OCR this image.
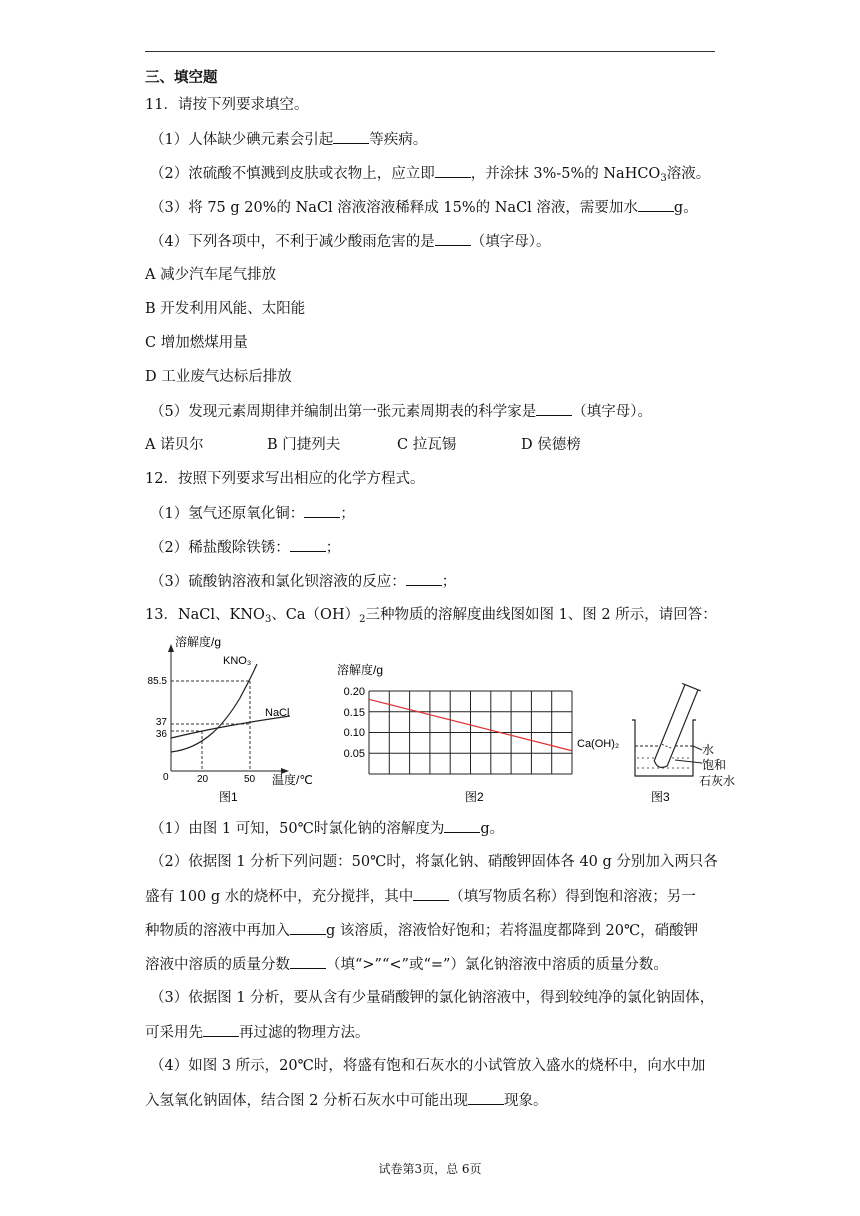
三、填空题
11．请按下列要求填空。
（1）人体缺少碘元素会引起 等疾病。
（2）浓硫酸不慎溅到皮肤或衣物上，应立即 ，并涂抹 3%-5%的 NaHCO$_3$溶液。
（3）将 75 g 20%的 NaCl 溶液溶液稀释成 15%的 NaCl 溶液，需要加水 g。
（4）下列各项中，不利于减少酸雨危害的是 （填字母）。
A 减少汽车尾气排放
B 开发利用风能、太阳能
C 增加燃煤用量
D 工业废气达标后排放
（5）发现元素周期律并编制出第一张元素周期表的科学家是 （填字母）。
A 诺贝尔	B 门捷列夫	C 拉瓦锡	D 侯德榜
12．按照下列要求写出相应的化学方程式。
（1）氢气还原氧化铜： ；
（2）稀盐酸除铁锈： ；
（3）硫酸钠溶液和氯化钡溶液的反应： ；
13．NaCl、$KNO_3$、$Ca(OH)_2$三种物质的溶解度曲线图如图 1、图 2 所示，请回答：
溶解度/g
KNO₃
NaCl
85.5
37
36
0	20	50 温度/℃
图1
溶解度/g
0.20
0.15
0.10
0.05
Ca(OH)₂
图2
水
饱和
石灰水
图3
（1）由图 1 可知，50℃时氯化钠的溶解度为 g。
（2）依据图 1 分析下列问题：50℃时，将氯化钠、硝酸钾固体各 40 g 分别加入两只各
盛有 100 g 水的烧杯中，充分搅拌，其中 （填写物质名称）得到饱和溶液；另一
种物质的溶液中再加入 g 该溶质，溶液恰好饱和；若将温度都降到 20℃，硝酸钾
溶液中溶质的质量分数 （填“>”“<”或“=”）氯化钠溶液中溶质的质量分数。
（3）依据图 1 分析，要从含有少量硝酸钾的氯化钠溶液中，得到较纯净的氯化钠固体，
可采用先 再过滤的物理方法。
（4）如图 3 所示，20℃时，将盛有饱和石灰水的小试管放入盛水的烧杯中，向水中加
入氢氧化钠固体，结合图 2 分析石灰水中可能出现 现象。
试卷第3页，总 6页
